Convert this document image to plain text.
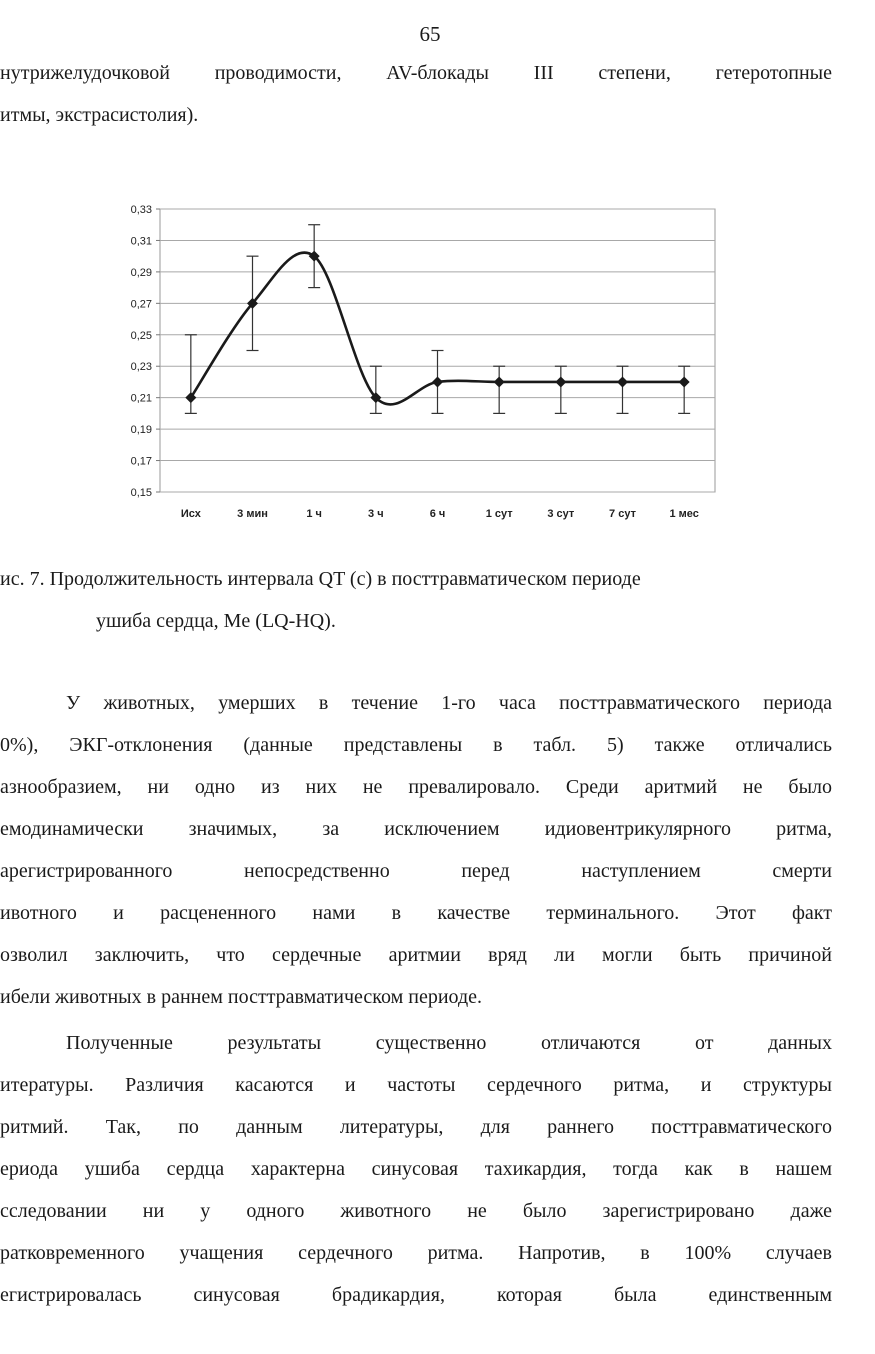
65
нутрижелудочковой проводимости, AV-блокады III степени, гетеротопные
итмы, экстрасистолия).
0,15
0,17
0,19
0,21
0,23
0,25
0,27
0,29
0,31
0,33
Исх	3 мин	1 ч	3 ч	6 ч	1 сут	3 сут	7 сут	1 мес
ис. 7. Продолжительность интервала QT (с) в посттравматическом периоде
ушиба сердца, Me (LQ-HQ).
У животных, умерших в течение 1-го часа посттравматического периода
0%), ЭКГ-отклонения (данные представлены в табл. 5) также отличались
азнообразием, ни одно из них не превалировало. Среди аритмий не было
емодинамически значимых, за исключением идиовентрикулярного ритма,
арегистрированного непосредственно перед наступлением смерти
ивотного и расцененного нами в качестве терминального. Этот факт
озволил заключить, что сердечные аритмии вряд ли могли быть причиной
ибели животных в раннем посттравматическом периоде.
Полученные результаты существенно отличаются от данных
итературы. Различия касаются и частоты сердечного ритма, и структуры
ритмий. Так, по данным литературы, для раннего посттравматического
ериода ушиба сердца характерна синусовая тахикардия, тогда как в нашем
сследовании ни у одного животного не было зарегистрировано даже
ратковременного учащения сердечного ритма. Напротив, в 100% случаев
егистрировалась синусовая брадикардия, которая была единственным
